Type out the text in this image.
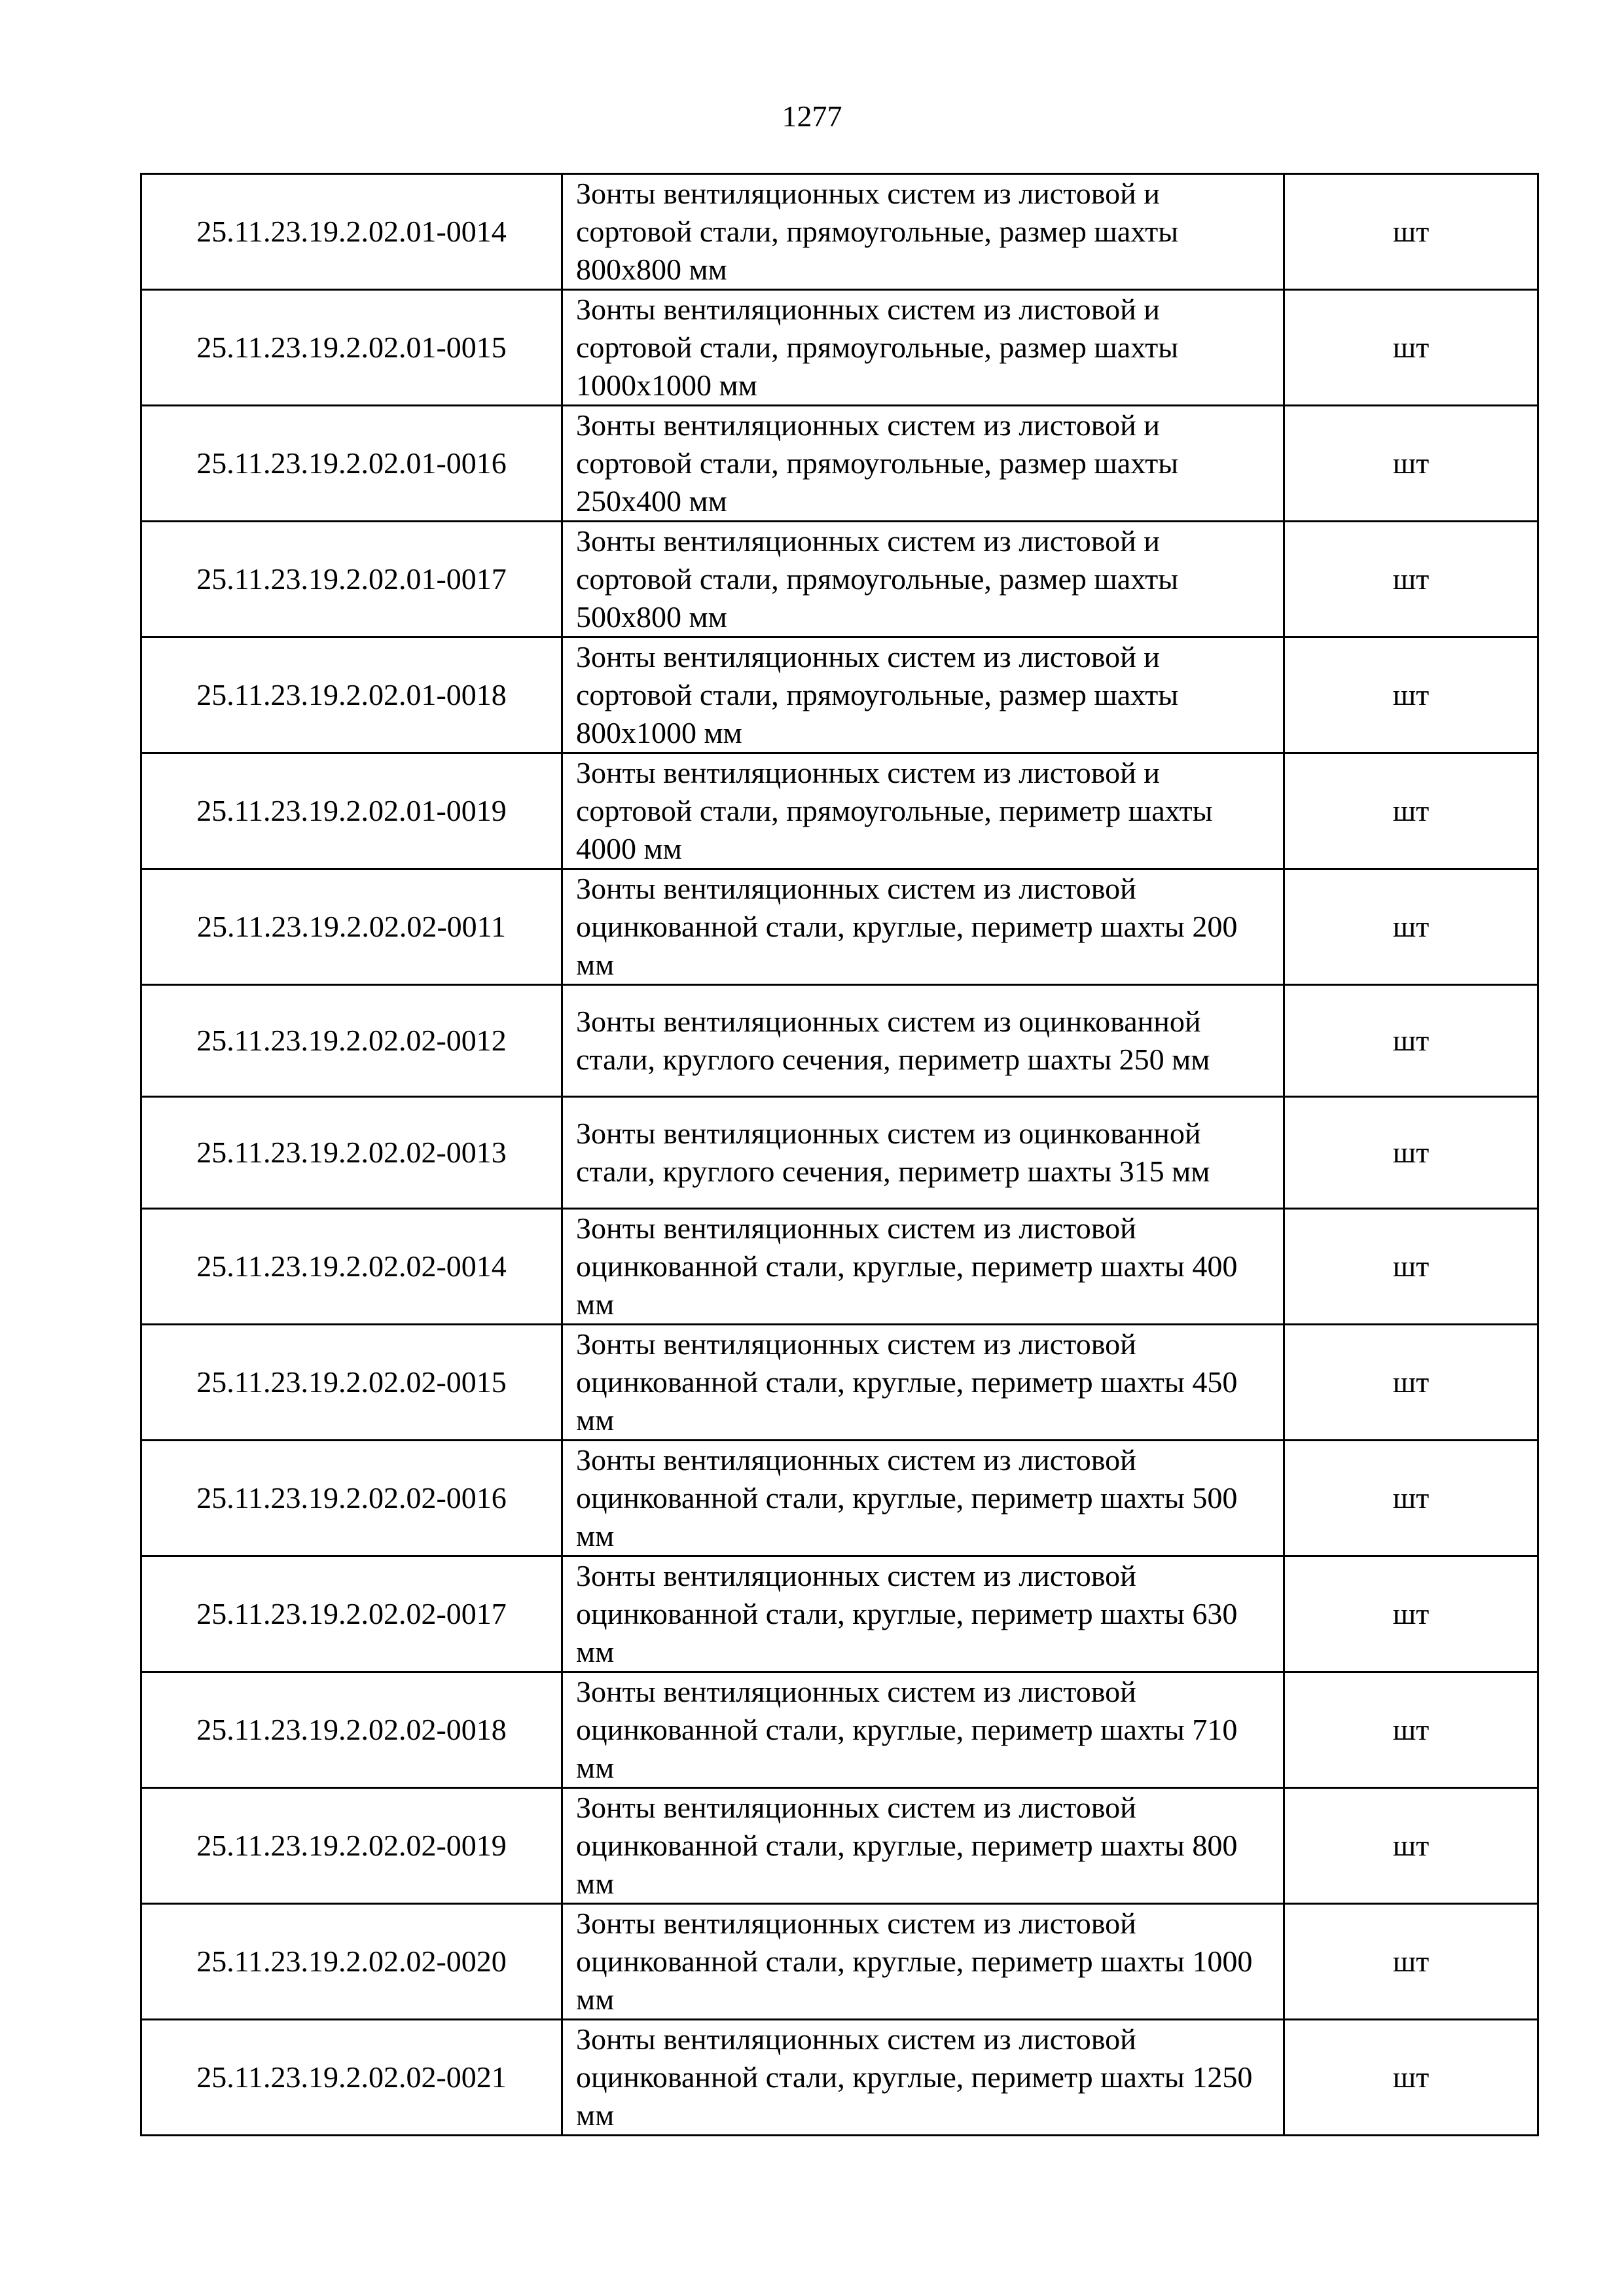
1277
25.11.23.19.2.02.01-0014	Зонты вентиляционных систем из листовой и сортовой стали, прямоугольные, размер шахты 800х800 мм	шт
25.11.23.19.2.02.01-0015	Зонты вентиляционных систем из листовой и сортовой стали, прямоугольные, размер шахты 1000х1000 мм	шт
25.11.23.19.2.02.01-0016	Зонты вентиляционных систем из листовой и сортовой стали, прямоугольные, размер шахты 250х400 мм	шт
25.11.23.19.2.02.01-0017	Зонты вентиляционных систем из листовой и сортовой стали, прямоугольные, размер шахты 500х800 мм	шт
25.11.23.19.2.02.01-0018	Зонты вентиляционных систем из листовой и сортовой стали, прямоугольные, размер шахты 800х1000 мм	шт
25.11.23.19.2.02.01-0019	Зонты вентиляционных систем из листовой и сортовой стали, прямоугольные, периметр шахты 4000 мм	шт
25.11.23.19.2.02.02-0011	Зонты вентиляционных систем из листовой оцинкованной стали, круглые, периметр шахты 200 мм	шт
25.11.23.19.2.02.02-0012	Зонты вентиляционных систем из оцинкованной стали, круглого сечения, периметр шахты 250 мм	шт
25.11.23.19.2.02.02-0013	Зонты вентиляционных систем из оцинкованной стали, круглого сечения, периметр шахты 315 мм	шт
25.11.23.19.2.02.02-0014	Зонты вентиляционных систем из листовой оцинкованной стали, круглые, периметр шахты 400 мм	шт
25.11.23.19.2.02.02-0015	Зонты вентиляционных систем из листовой оцинкованной стали, круглые, периметр шахты 450 мм	шт
25.11.23.19.2.02.02-0016	Зонты вентиляционных систем из листовой оцинкованной стали, круглые, периметр шахты 500 мм	шт
25.11.23.19.2.02.02-0017	Зонты вентиляционных систем из листовой оцинкованной стали, круглые, периметр шахты 630 мм	шт
25.11.23.19.2.02.02-0018	Зонты вентиляционных систем из листовой оцинкованной стали, круглые, периметр шахты 710 мм	шт
25.11.23.19.2.02.02-0019	Зонты вентиляционных систем из листовой оцинкованной стали, круглые, периметр шахты 800 мм	шт
25.11.23.19.2.02.02-0020	Зонты вентиляционных систем из листовой оцинкованной стали, круглые, периметр шахты 1000 мм	шт
25.11.23.19.2.02.02-0021	Зонты вентиляционных систем из листовой оцинкованной стали, круглые, периметр шахты 1250 мм	шт
